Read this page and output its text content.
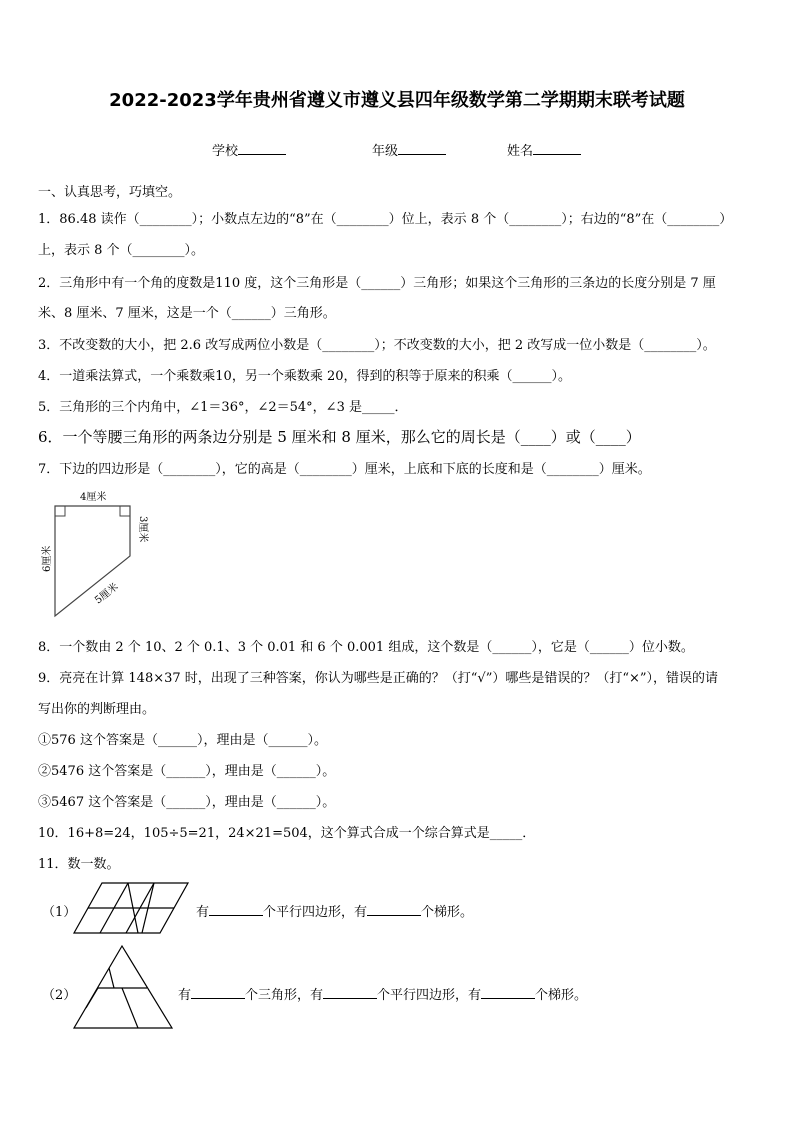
2022-2023学年贵州省遵义市遵义县四年级数学第二学期期末联考试题
学校	年级	姓名
一、认真思考，巧填空。
1．86.48 读作（________）；小数点左边的“8”在（________）位上，表示 8 个（________）；右边的“8”在（________）
上，表示 8 个（________）。
2．三角形中有一个角的度数是110 度，这个三角形是（______）三角形；如果这个三角形的三条边的长度分别是 7 厘
米、8 厘米、7 厘米，这是一个（______）三角形。
3．不改变数的大小，把 2.6 改写成两位小数是（________）；不改变数的大小，把 2 改写成一位小数是（________）。
4．一道乘法算式，一个乘数乘10，另一个乘数乘 20，得到的积等于原来的积乘（______）。
5．三角形的三个内角中，∠1＝36°，∠2＝54°，∠3 是_____．
6．一个等腰三角形的两条边分别是 5 厘米和 8 厘米，那么它的周长是（____）或（____）
7．下边的四边形是（________），它的高是（________）厘米，上底和下底的长度和是（________）厘米。
4厘米
3厘米
6厘米
5厘米
8．一个数由 2 个 10、2 个 0.1、3 个 0.01 和 6 个 0.001 组成，这个数是（______），它是（______）位小数。
9．亮亮在计算 148×37 时，出现了三种答案，你认为哪些是正确的？（打“√”）哪些是错误的？（打“×”），错误的请
写出你的判断理由。
①576 这个答案是（______），理由是（______）。
②5476 这个答案是（______），理由是（______）。
③5467 这个答案是（______），理由是（______）。
10．16+8=24，105÷5=21，24×21=504，这个算式合成一个综合算式是_____．
11．数一数。
（1）	有	个平行四边形，有	个梯形。
（2）	有	个三角形，有	个平行四边形，有	个梯形。
